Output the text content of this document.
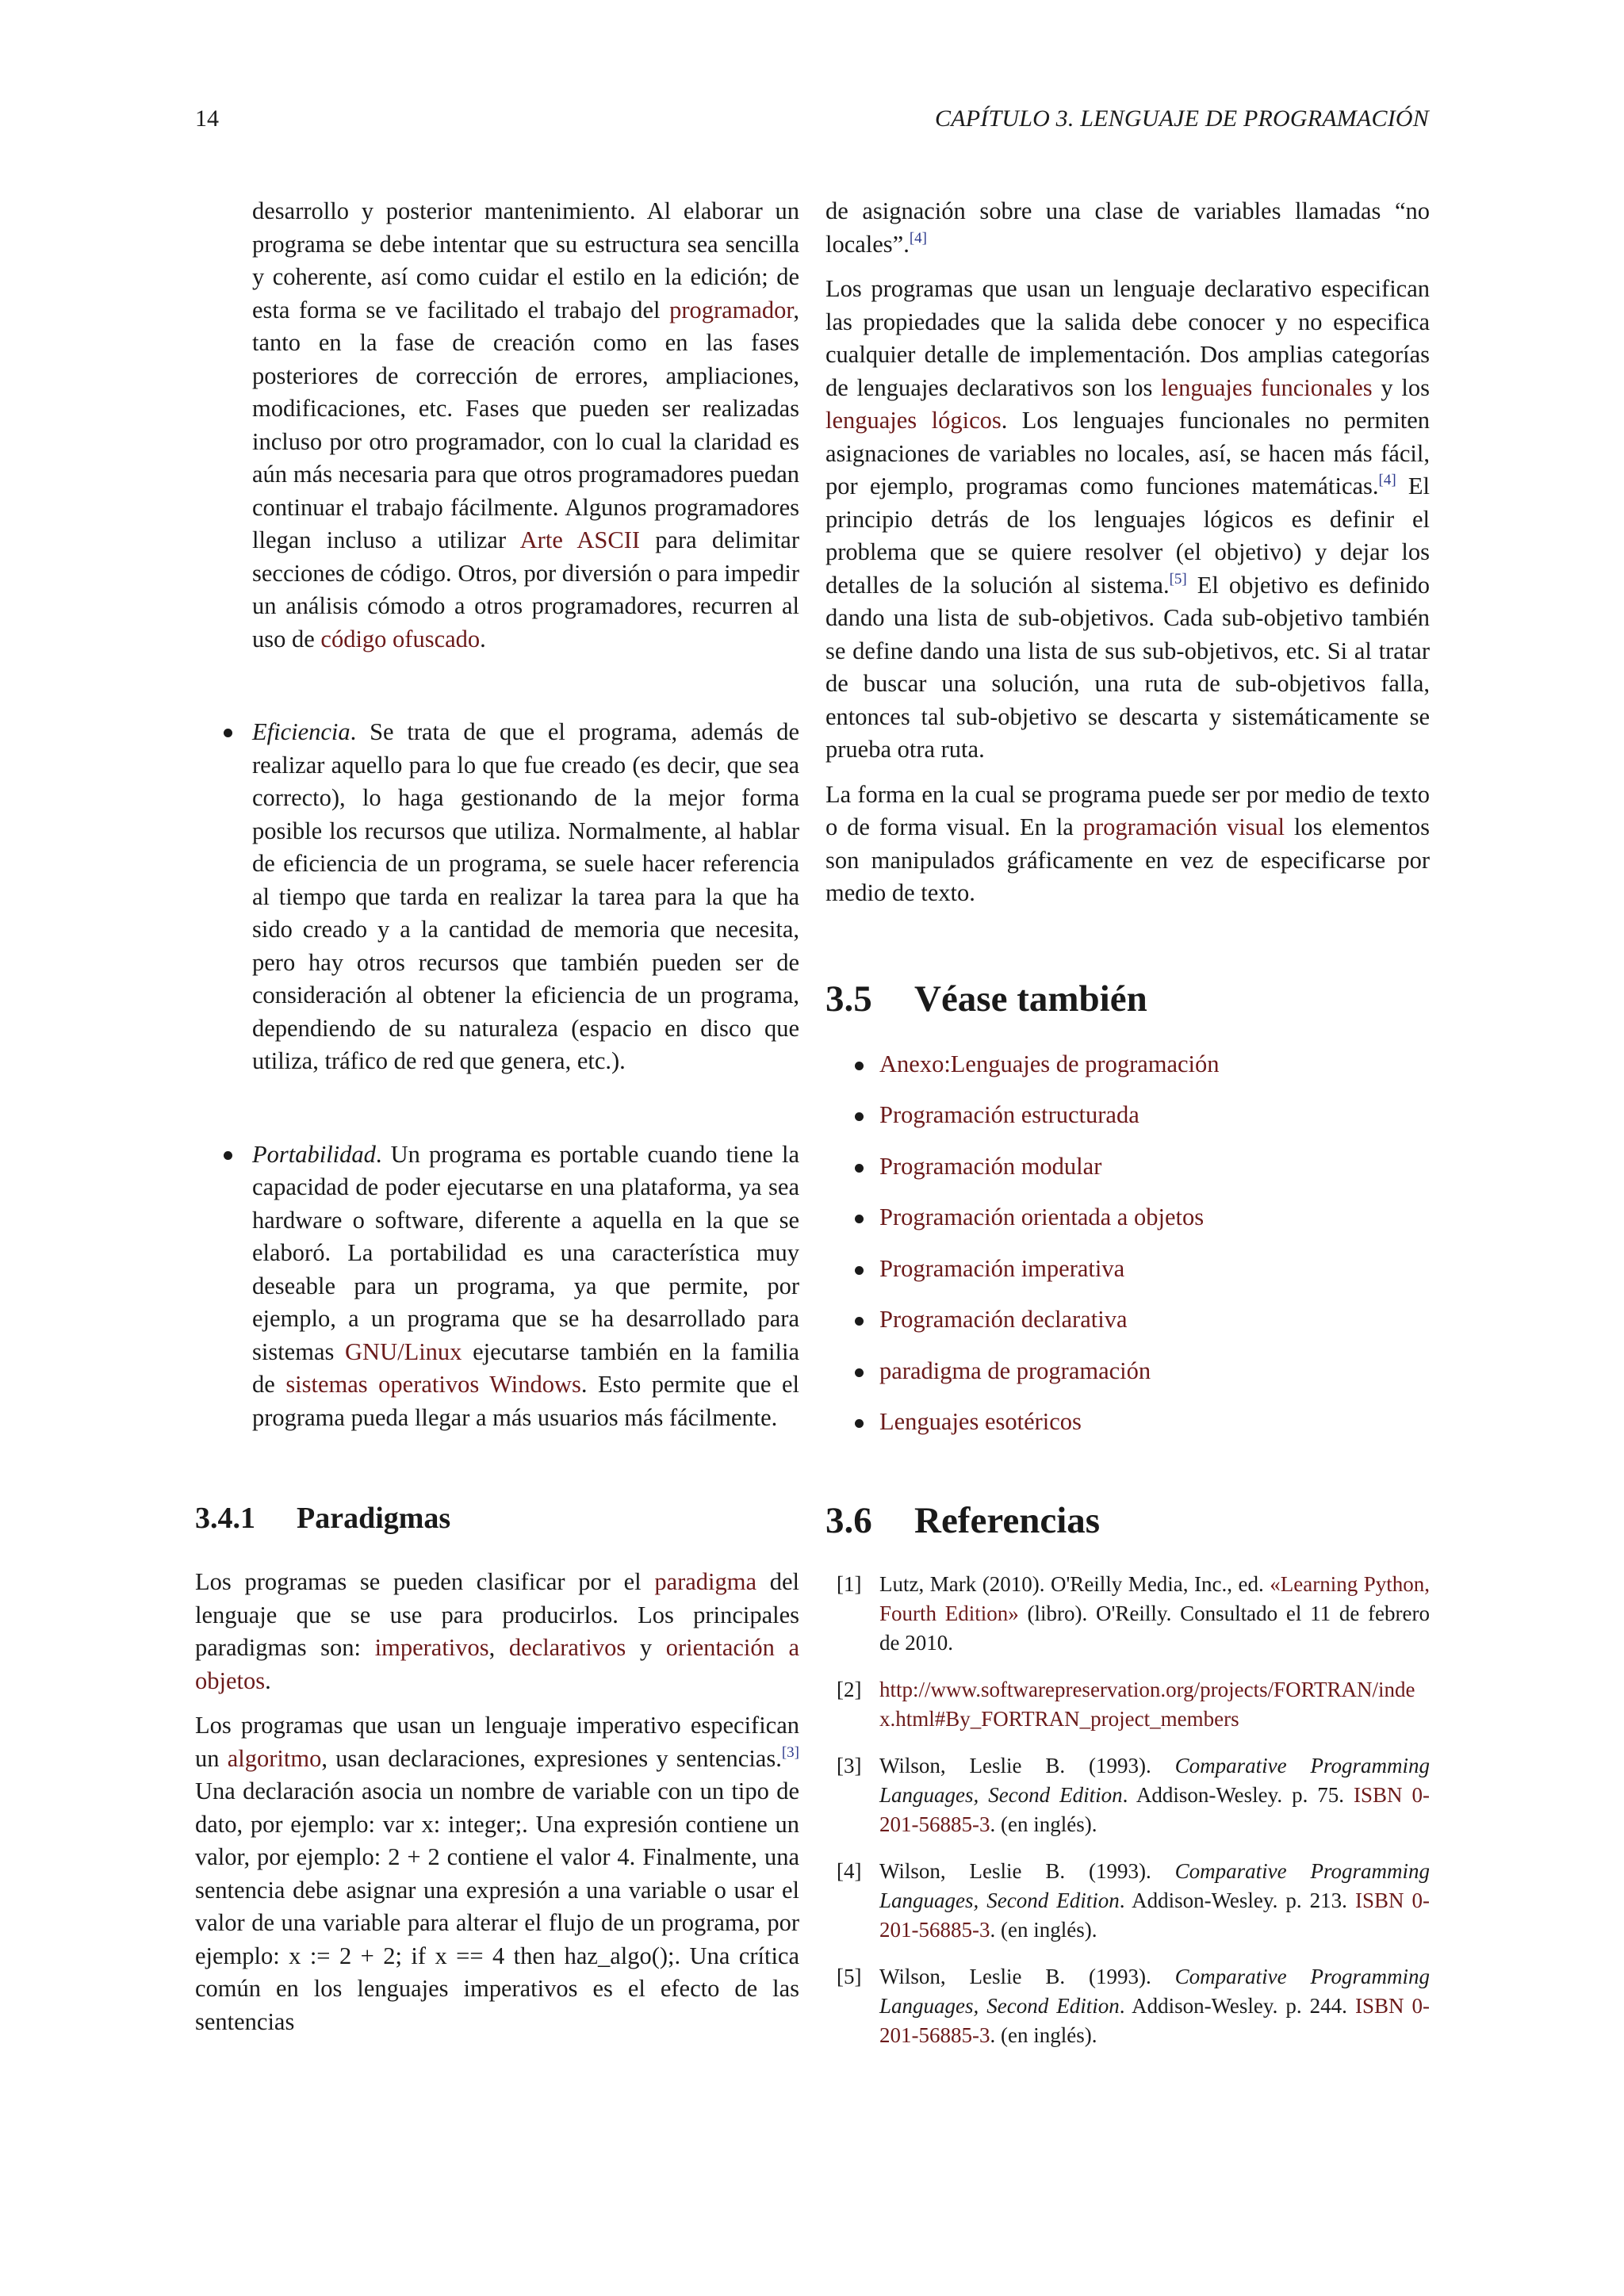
14	CAPÍTULO 3. LENGUAJE DE PROGRAMACIÓN

desarrollo y posterior mantenimiento. Al elaborar un programa se debe intentar que su estructura sea sencilla y coherente, así como cuidar el estilo en la edición; de esta forma se ve facilitado el trabajo del programador, tanto en la fase de creación como en las fases posteriores de corrección de errores, ampliaciones, modificaciones, etc. Fases que pueden ser realizadas incluso por otro programador, con lo cual la claridad es aún más necesaria para que otros programadores puedan continuar el trabajo fácilmente. Algunos programadores llegan incluso a utilizar Arte ASCII para delimitar secciones de código. Otros, por diversión o para impedir un análisis cómodo a otros programadores, recurren al uso de código ofuscado.

Eficiencia. Se trata de que el programa, además de realizar aquello para lo que fue creado (es decir, que sea correcto), lo haga gestionando de la mejor forma posible los recursos que utiliza. Normalmente, al hablar de eficiencia de un programa, se suele hacer referencia al tiempo que tarda en realizar la tarea para la que ha sido creado y a la cantidad de memoria que necesita, pero hay otros recursos que también pueden ser de consideración al obtener la eficiencia de un programa, dependiendo de su naturaleza (espacio en disco que utiliza, tráfico de red que genera, etc.).
Portabilidad. Un programa es portable cuando tiene la capacidad de poder ejecutarse en una plataforma, ya sea hardware o software, diferente a aquella en la que se elaboró. La portabilidad es una característica muy deseable para un programa, ya que permite, por ejemplo, a un programa que se ha desarrollado para sistemas GNU/Linux ejecutarse también en la familia de sistemas operativos Windows. Esto permite que el programa pueda llegar a más usuarios más fácilmente.
3.4.1 Paradigmas

Los programas se pueden clasificar por el paradigma del lenguaje que se use para producirlos. Los principales paradigmas son: imperativos, declarativos y orientación a objetos.

Los programas que usan un lenguaje imperativo especifican un algoritmo, usan declaraciones, expresiones y sentencias.[3] Una declaración asocia un nombre de variable con un tipo de dato, por ejemplo: var x: integer;. Una expresión contiene un valor, por ejemplo: 2 + 2 contiene el valor 4. Finalmente, una sentencia debe asignar una expresión a una variable o usar el valor de una variable para alterar el flujo de un programa, por ejemplo: x := 2 + 2; if x == 4 then haz_algo();. Una crítica común en los lenguajes imperativos es el efecto de las sentencias

de asignación sobre una clase de variables llamadas “no locales”.[4]

Los programas que usan un lenguaje declarativo especifican las propiedades que la salida debe conocer y no especifica cualquier detalle de implementación. Dos amplias categorías de lenguajes declarativos son los lenguajes funcionales y los lenguajes lógicos. Los lenguajes funcionales no permiten asignaciones de variables no locales, así, se hacen más fácil, por ejemplo, programas como funciones matemáticas.[4] El principio detrás de los lenguajes lógicos es definir el problema que se quiere resolver (el objetivo) y dejar los detalles de la solución al sistema.[5] El objetivo es definido dando una lista de sub-objetivos. Cada sub-objetivo también se define dando una lista de sus sub-objetivos, etc. Si al tratar de buscar una solución, una ruta de sub-objetivos falla, entonces tal sub-objetivo se descarta y sistemáticamente se prueba otra ruta.

La forma en la cual se programa puede ser por medio de texto o de forma visual. En la programación visual los elementos son manipulados gráficamente en vez de especificarse por medio de texto.

3.5 Véase también
Anexo:Lenguajes de programación
Programación estructurada
Programación modular
Programación orientada a objetos
Programación imperativa
Programación declarativa
paradigma de programación
Lenguajes esotéricos
3.6 Referencias
[1] Lutz, Mark (2010). O'Reilly Media, Inc., ed. «Learning Python, Fourth Edition» (libro). O'Reilly. Consultado el 11 de febrero de 2010.
[2] http://www.softwarepreservation.org/projects/FORTRAN/index.html#By_FORTRAN_project_members
[3] Wilson, Leslie B. (1993). Comparative Programming Languages, Second Edition. Addison-Wesley. p. 75. ISBN 0-201-56885-3. (en inglés).
[4] Wilson, Leslie B. (1993). Comparative Programming Languages, Second Edition. Addison-Wesley. p. 213. ISBN 0-201-56885-3. (en inglés).
[5] Wilson, Leslie B. (1993). Comparative Programming Languages, Second Edition. Addison-Wesley. p. 244. ISBN 0-201-56885-3. (en inglés).
